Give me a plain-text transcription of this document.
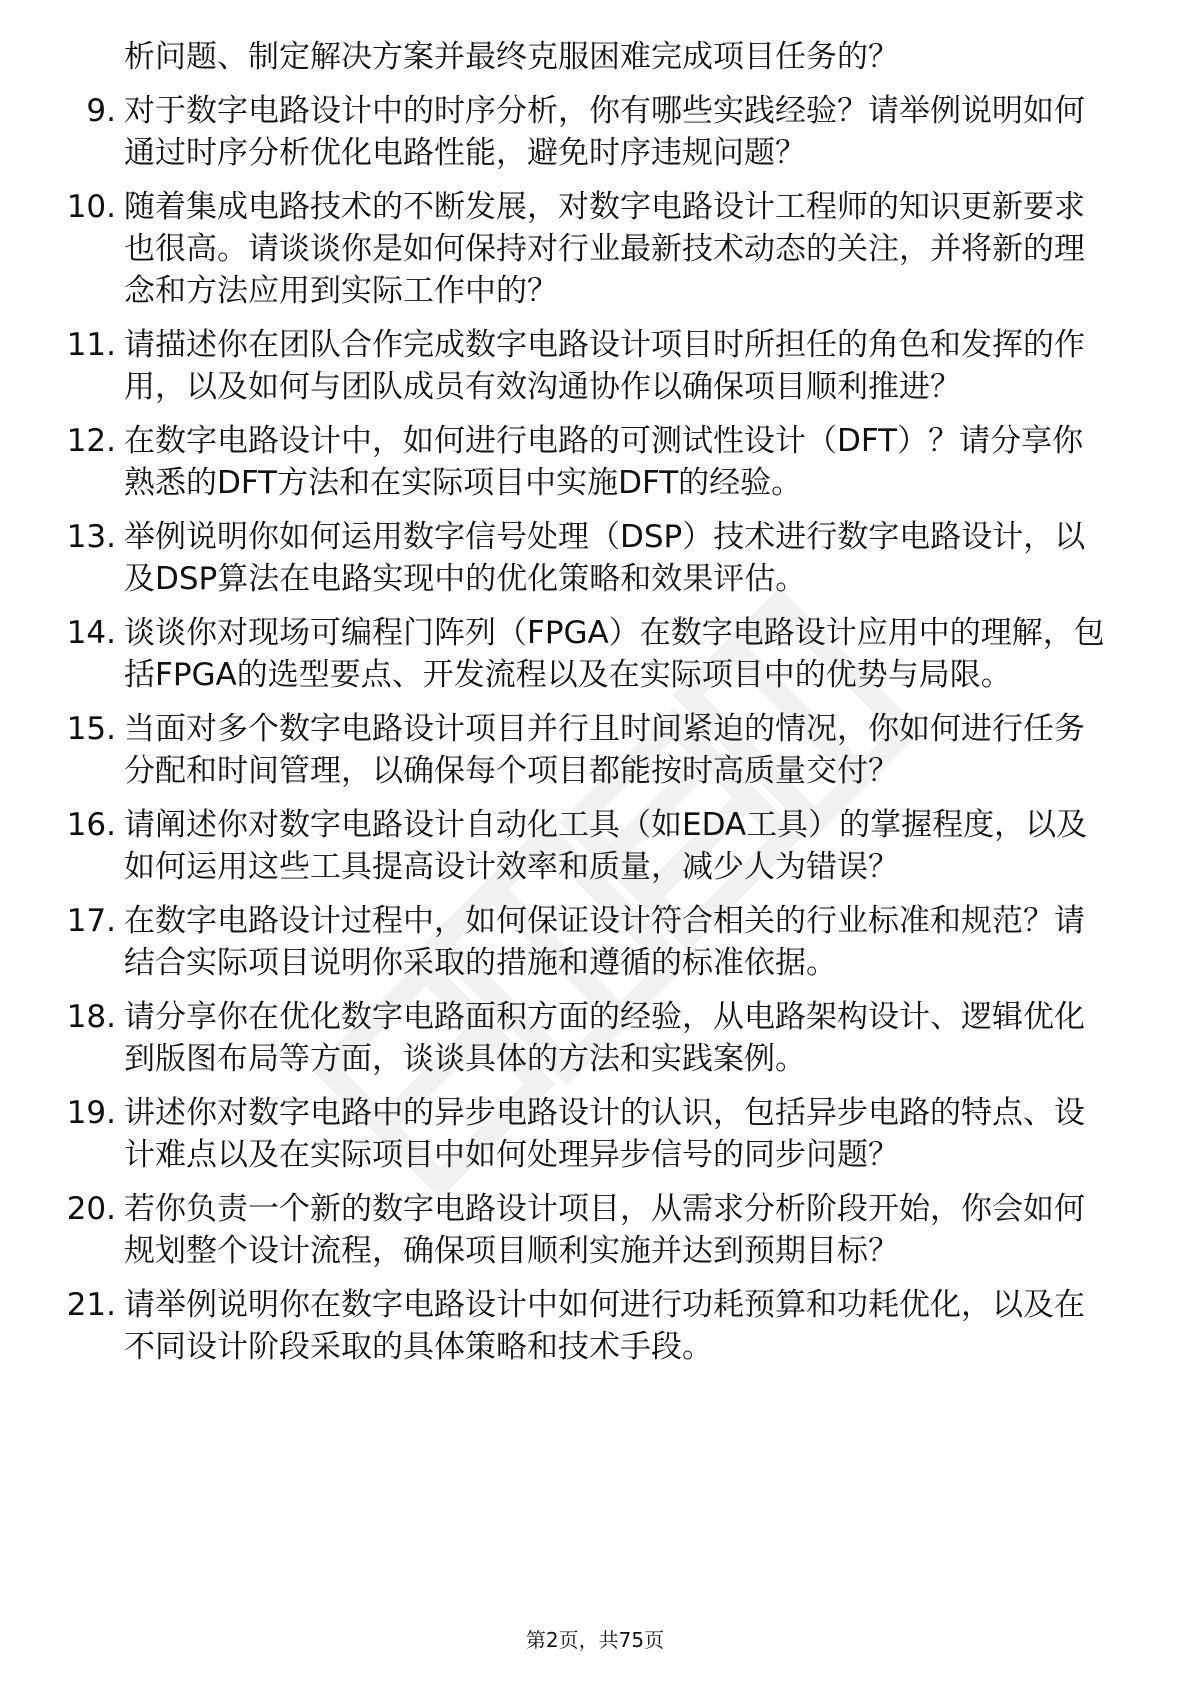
析问题、制定解决方案并最终克服困难完成项目任务的？
9. 对于数字电路设计中的时序分析，你有哪些实践经验？请举例说明如何通过时序分析优化电路性能，避免时序违规问题？
10. 随着集成电路技术的不断发展，对数字电路设计工程师的知识更新要求也很高。请谈谈你是如何保持对行业最新技术动态的关注，并将新的理念和方法应用到实际工作中的？
11. 请描述你在团队合作完成数字电路设计项目时所担任的角色和发挥的作用，以及如何与团队成员有效沟通协作以确保项目顺利推进？
12. 在数字电路设计中，如何进行电路的可测试性设计（DFT）？请分享你熟悉的DFT方法和在实际项目中实施DFT的经验。
13. 举例说明你如何运用数字信号处理（DSP）技术进行数字电路设计，以及DSP算法在电路实现中的优化策略和效果评估。
14. 谈谈你对现场可编程门阵列（FPGA）在数字电路设计应用中的理解，包括FPGA的选型要点、开发流程以及在实际项目中的优势与局限。
15. 当面对多个数字电路设计项目并行且时间紧迫的情况，你如何进行任务分配和时间管理，以确保每个项目都能按时高质量交付？
16. 请阐述你对数字电路设计自动化工具（如EDA工具）的掌握程度，以及如何运用这些工具提高设计效率和质量，减少人为错误？
17. 在数字电路设计过程中，如何保证设计符合相关的行业标准和规范？请结合实际项目说明你采取的措施和遵循的标准依据。
18. 请分享你在优化数字电路面积方面的经验，从电路架构设计、逻辑优化到版图布局等方面，谈谈具体的方法和实践案例。
19. 讲述你对数字电路中的异步电路设计的认识，包括异步电路的特点、设计难点以及在实际项目中如何处理异步信号的同步问题？
20. 若你负责一个新的数字电路设计项目，从需求分析阶段开始，你会如何规划整个设计流程，确保项目顺利实施并达到预期目标？
21. 请举例说明你在数字电路设计中如何进行功耗预算和功耗优化，以及在不同设计阶段采取的具体策略和技术手段。
第2页，共75页
